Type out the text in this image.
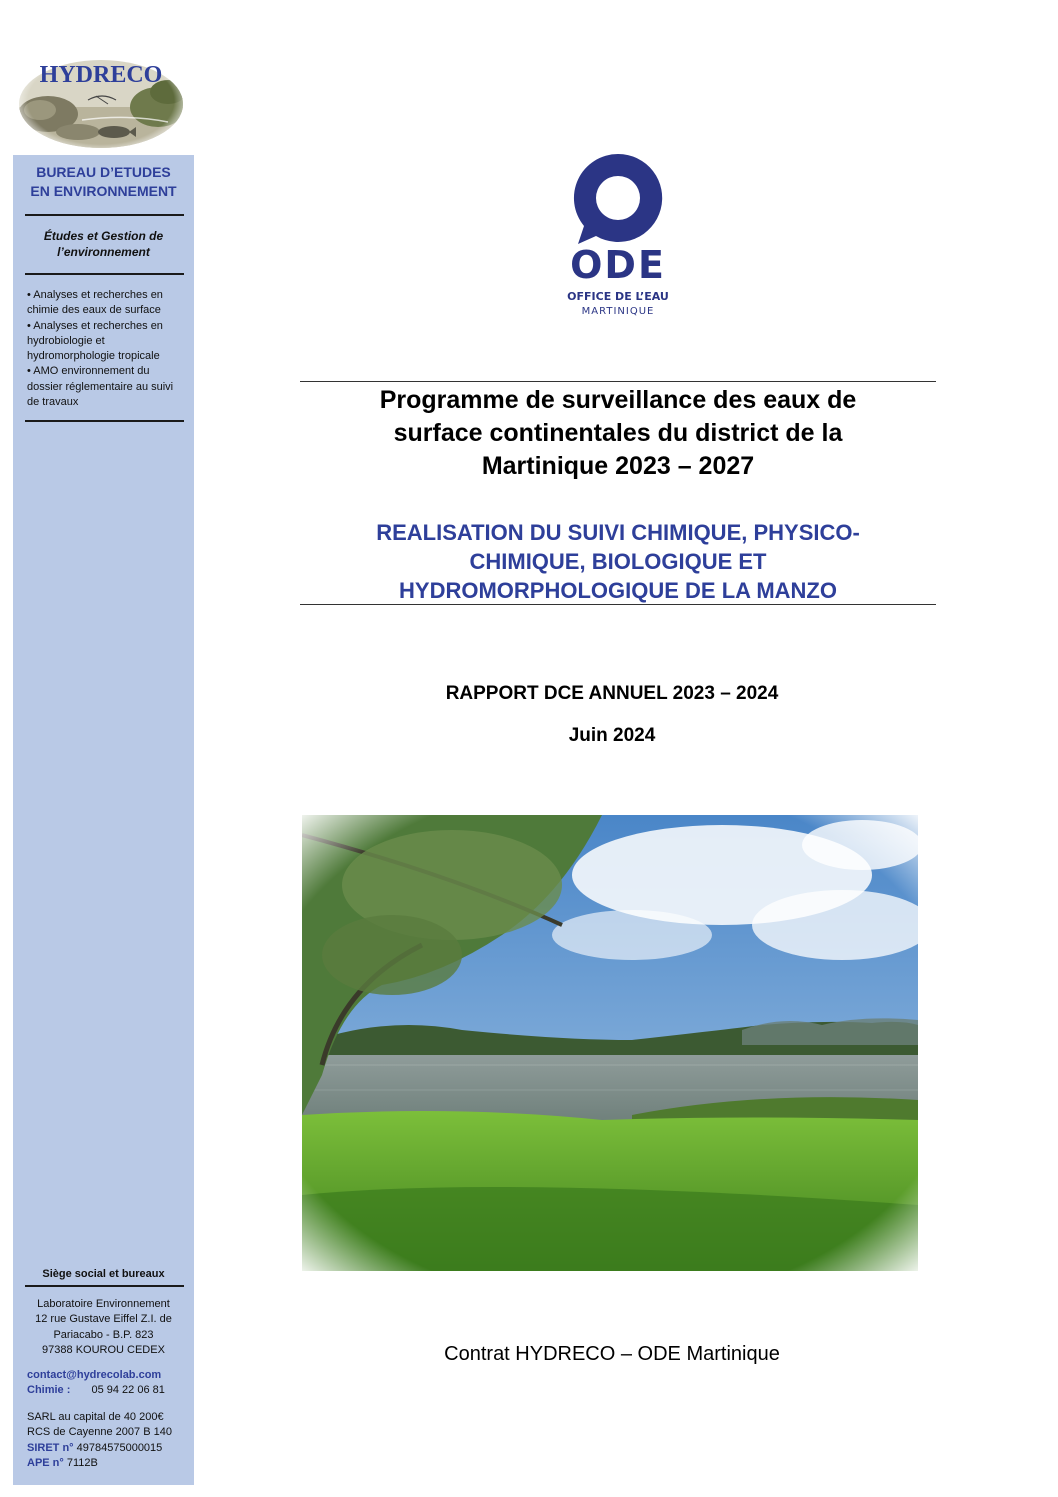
HYDRECO
BUREAU D’ETUDES
EN ENVIRONNEMENT
Études et Gestion de
l’environnement
• Analyses et recherches en
chimie des eaux de surface
• Analyses et recherches en
hydrobiologie et
hydromorphologie tropicale
• AMO environnement du
dossier réglementaire au suivi
de travaux
Siège social et bureaux
Laboratoire Environnement
12 rue Gustave Eiffel Z.I. de
Pariacabo - B.P. 823
97388 KOUROU CEDEX
contact@hydrecolab.com
Chimie : 05 94 22 06 81
SARL au capital de 40 200€
RCS de Cayenne 2007 B 140
SIRET n° 49784575000015
APE n° 7112B
ODE
OFFICE DE L’EAU
MARTINIQUE
Programme de surveillance des eaux de
surface continentales du district de la
Martinique 2023 – 2027
REALISATION DU SUIVI CHIMIQUE, PHYSICO-
CHIMIQUE, BIOLOGIQUE ET
HYDROMORPHOLOGIQUE DE LA MANZO
RAPPORT DCE ANNUEL 2023 – 2024
Juin 2024
Contrat HYDRECO – ODE Martinique
